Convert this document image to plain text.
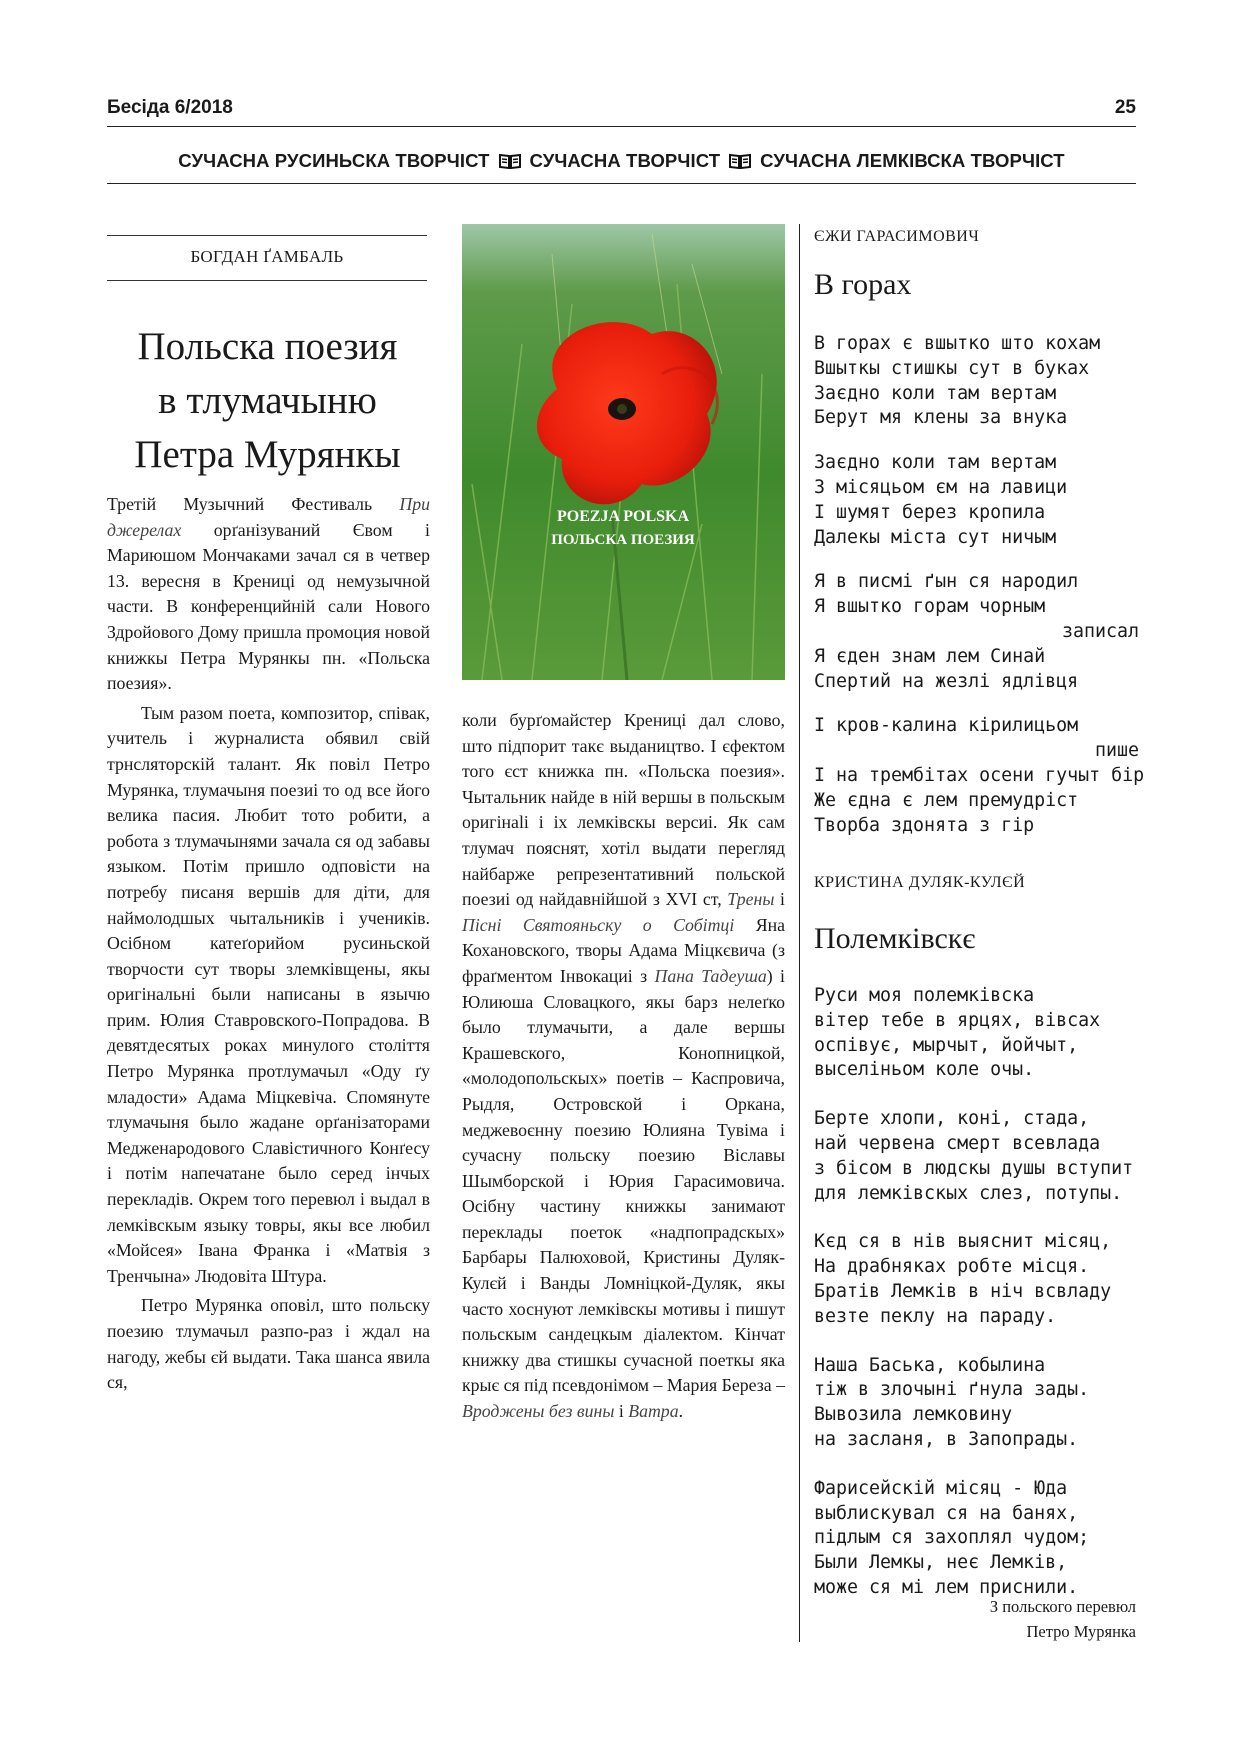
Бесіда 6/2018	25
СУЧАСНА РУСИНЬСКА ТВОРЧІСТ СУЧАСНА ТВОРЧІСТ СУЧАСНА ЛЕМКІВСКА ТВОРЧІСТ
БОГДАН ҐАМБАЛЬ
Польска поезия
в тлумачыню
Петра Мурянкы

Третій Музычний Фестиваль При джерелах орґанізуваний Євом і Мариюшом Мончаками зачал ся в четвер 13. вересня в Крениці од немузычной части. В конференцийній сали Нового Здройового Дому пришла промоция новой книжкы Петра Мурянкы пн. «Польска поезия».

Тым разом поета, композитор, співак, учитель і журналиста обявил свій трнсляторскій талант. Як повіл Петро Мурянка, тлумачыня поезиі то од все його велика пасия. Любит тото робити, а робота з тлумачынями зачала ся од забавы языком. Потім пришло одповісти на потребу писаня вершів для діти, для наймолодшых чытальників і учеників. Осібном катеґорийом русиньской творчости сут творы злемківщены, якы оригінальні были написаны в язычю прим. Юлия Ставровского-Попрадова. В девятдесятых роках минулого століття Петро Мурянка протлумачыл «Оду ґу младости» Адама Міцкевіча. Спомянуте тлумачыня было жадане орґанізаторами Медженародового Славістичного Конґесу і потім напечатане было серед інчых перекладів. Окрем того перевюл і выдал в лемківскым языку товры, якы все любил «Мойсея» Івана Франка і «Матвія з Тренчына» Людовіта Штура.

Петро Мурянка оповіл, што польску поезию тлумачыл разпо-раз і ждал на нагоду, жебы єй выдати. Така шанса явила ся,

POEZJA POLSKA
ПОЛЬСКА ПОЕЗИЯ

коли бурґомайстер Крениці дал слово, што підпорит такє выдаництво. І єфектом того єст книжка пн. «Польска поезия». Чытальник найде в ній вершы в польскым оригінalі і іх лемківскы версиі. Як сам тлумач пояснят, хотіл выдати перегляд найбарже репрезентативний польской поезиі од найдавнійшой з XVI ст, Трены і Пісні Святояньску о Собітці Яна Кохановского, творы Адама Міцкєвича (з фраґментом Інвокациі з Пана Тадеуша) і Юлиюша Словацкого, якы барз нелеґко было тлумачыти, а дале вершы Крашевского, Конопницкой, «молодопольскых» поетів – Каспровича, Рыдля, Островской і Оркана, меджевоєнну поезию Юлияна Тувіма і сучасну польску поезию Віславы Шымборской і Юрия Гарасимовича. Осібну частину книжкы занимают переклады поеток «надпопрадскых» Барбары Палюховой, Кристины Дуляк-Кулєй і Ванды Ломніцкой-Дуляк, якы часто хоснуют лемківскы мотивы і пишут польскым сандецкым діалектом. Кінчат книжку два стишкы сучасной поеткы яка крыє ся під псевдонімом – Мария Береза – Вроджены без вины і Ватра.

ЄЖИ ГАРАСИМОВИЧ
В горах
В горах є вшытко што кохам
Вшыткы стишкы сут в буках
Заєдно коли там вертам
Берут мя клены за внука
Заєдно коли там вертам
З місяцьом єм на лавици
І шумят берез кропила
Далекы міста сут ничым
Я в писмі ґын ся народил
Я вшытко горам чорным
записал
Я єден знам лем Синай
Спертий на жезлі ядлівця
І кров-калина кірилицьом
пише
І на трембітах осени гучыт бір
Же єдна є лем премудріст
Творба здонята з гір
КРИСТИНА ДУЛЯК-КУЛЄЙ
Полемківскє
Руси моя полемківска
вітер тебе в ярцях, вівсах
оспівує, мырчыт, йойчыт,
выселіньом коле очы.
Берте хлопи, коні, стада,
най червена смерт всевлада
з бісом в людскы душы вступит
для лемківскых слез, потупы.
Кєд ся в нів выяснит місяц,
На драбняках робте місця.
Братів Лемків в ніч всвладу
везте пеклу на параду.
Наша Баська, кобылина
тіж в злочыні ґнула зады.
Вывозила лемковину
на засланя, в Запопрады.
Фарисейскій місяц - Юда
выблискувал ся на банях,
підлым ся захоплял чудом;
Были Лемкы, неє Лемків,
може ся мі лем приснили.
З польского перевюл
Петро Мурянка
